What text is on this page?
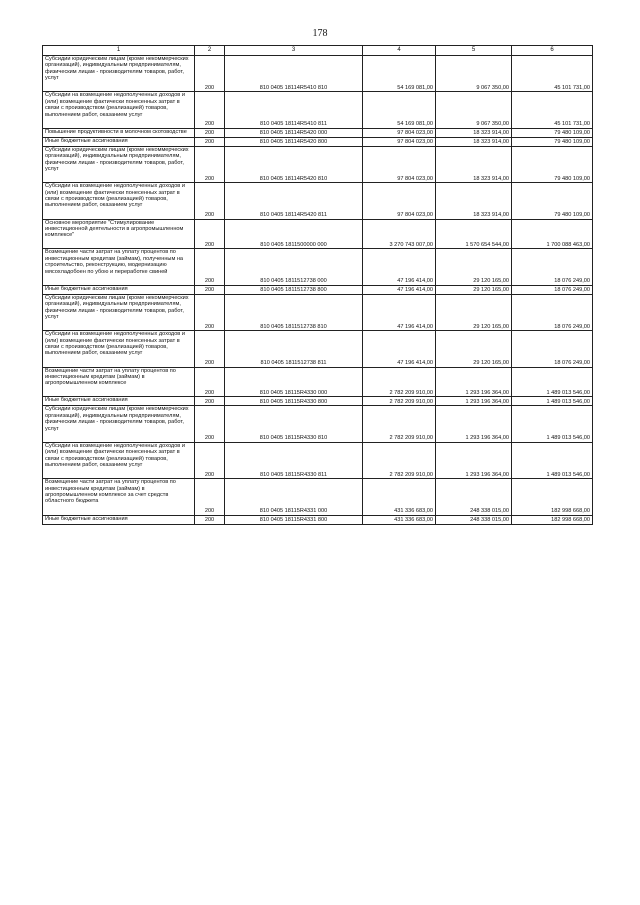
178
1	2	3	4	5	6
Субсидии юридическим лицам (кроме некоммерческих организаций), индивидуальным предпринимателям, физическим лицам - производителям товаров, работ, услуг	200	810 0405 18114R5410 810	54 169 081,00	9 067 350,00	45 101 731,00
Субсидии на возмещение недополученных доходов и (или) возмещение фактически понесенных затрат в связи с производством (реализацией) товаров, выполнением работ, оказанием услуг	200	810 0405 18114R5410 811	54 169 081,00	9 067 350,00	45 101 731,00
Повышение продуктивности в молочном скотоводстве	200	810 0405 18114R5420 000	97 804 023,00	18 323 914,00	79 480 109,00
Иные бюджетные ассигнования	200	810 0405 18114R5420 800	97 804 023,00	18 323 914,00	79 480 109,00
Субсидии юридическим лицам (кроме некоммерческих организаций), индивидуальным предпринимателям, физическим лицам - производителям товаров, работ, услуг	200	810 0405 18114R5420 810	97 804 023,00	18 323 914,00	79 480 109,00
Субсидии на возмещение недополученных доходов и (или) возмещение фактически понесенных затрат в связи с производством (реализацией) товаров, выполнением работ, оказанием услуг	200	810 0405 18114R5420 811	97 804 023,00	18 323 914,00	79 480 109,00
Основное мероприятие "Стимулирование инвестиционной деятельности в агропромышленном комплексе"	200	810 0405 1811500000 000	3 270 743 007,00	1 570 654 544,00	1 700 088 463,00
Возмещение части затрат на уплату процентов по инвестиционным кредитам (займам), полученным на строительство, реконструкцию, модернизацию мясохладобоен по убою и переработке свиней	200	810 0405 1811512738 000	47 196 414,00	29 120 165,00	18 076 249,00
Иные бюджетные ассигнования	200	810 0405 1811512738 800	47 196 414,00	29 120 165,00	18 076 249,00
Субсидии юридическим лицам (кроме некоммерческих организаций), индивидуальным предпринимателям, физическим лицам - производителям товаров, работ, услуг	200	810 0405 1811512738 810	47 196 414,00	29 120 165,00	18 076 249,00
Субсидии на возмещение недополученных доходов и (или) возмещение фактически понесенных затрат в связи с производством (реализацией) товаров, выполнением работ, оказанием услуг	200	810 0405 1811512738 811	47 196 414,00	29 120 165,00	18 076 249,00
Возмещение части затрат на уплату процентов по инвестиционным кредитам (займам) в агропромышленном комплексе	200	810 0405 18115R4330 000	2 782 209 910,00	1 293 196 364,00	1 489 013 546,00
Иные бюджетные ассигнования	200	810 0405 18115R4330 800	2 782 209 910,00	1 293 196 364,00	1 489 013 546,00
Субсидии юридическим лицам (кроме некоммерческих организаций), индивидуальным предпринимателям, физическим лицам - производителям товаров, работ, услуг	200	810 0405 18115R4330 810	2 782 209 910,00	1 293 196 364,00	1 489 013 546,00
Субсидии на возмещение недополученных доходов и (или) возмещение фактически понесенных затрат в связи с производством (реализацией) товаров, выполнением работ, оказанием услуг	200	810 0405 18115R4330 811	2 782 209 910,00	1 293 196 364,00	1 489 013 546,00
Возмещение части затрат на уплату процентов по инвестиционным кредитам (займам) в агропромышленном комплексе за счет средств областного бюджета	200	810 0405 18115R4331 000	431 336 683,00	248 338 015,00	182 998 668,00
Иные бюджетные ассигнования	200	810 0405 18115R4331 800	431 336 683,00	248 338 015,00	182 998 668,00
